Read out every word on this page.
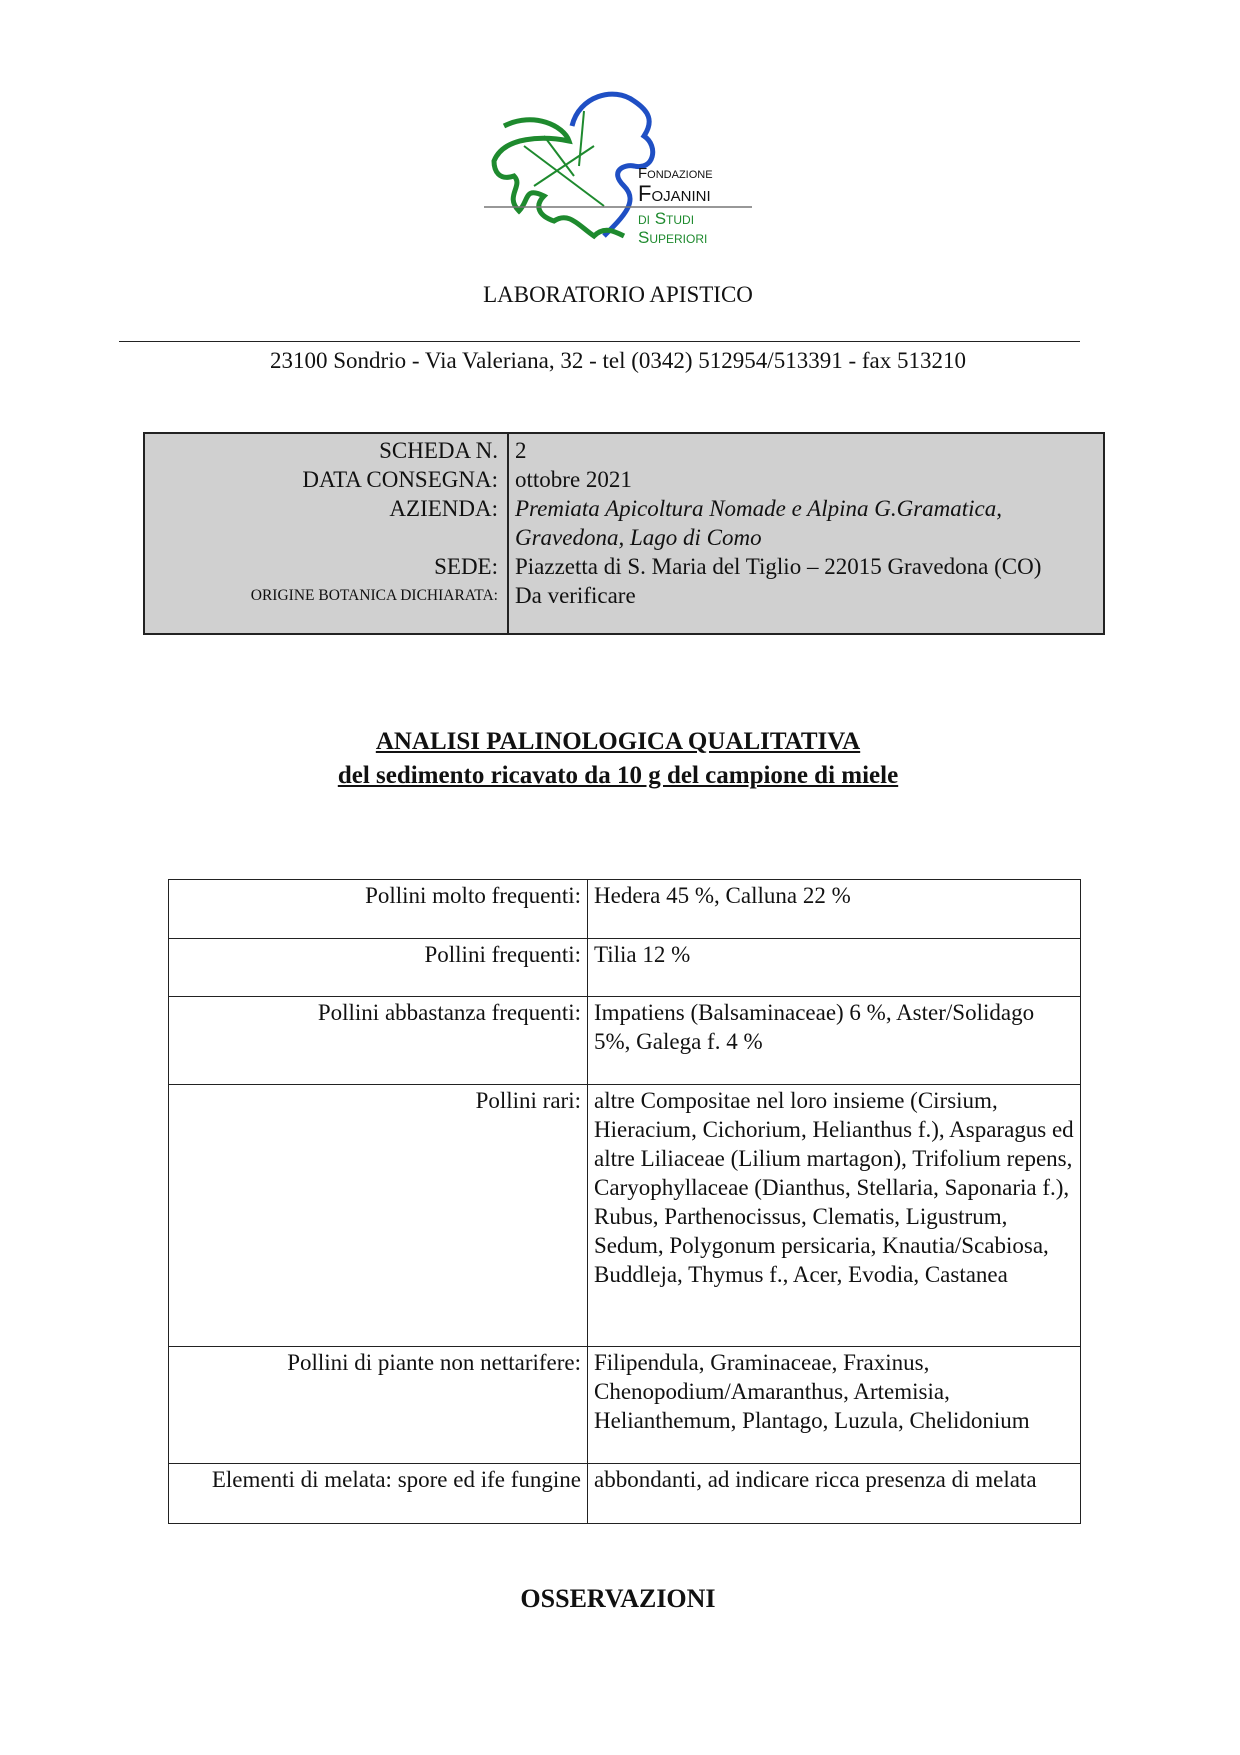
Fondazione
Fojanini
di Studi
Superiori
LABORATORIO APISTICO
23100 Sondrio - Via Valeriana, 32 - tel (0342) 512954/513391 - fax 513210
SCHEDA N. 2
DATA CONSEGNA: ottobre 2021
AZIENDA: Premiata Apicoltura Nomade e Alpina G.Gramatica,
Gravedona, Lago di Como
SEDE: Piazzetta di S. Maria del Tiglio – 22015 Gravedona (CO)
ORIGINE BOTANICA DICHIARATA: Da verificare
ANALISI PALINOLOGICA QUALITATIVA
del sedimento ricavato da 10 g del campione di miele
Pollini molto frequenti:	Hedera 45 %, Calluna 22 %
Pollini frequenti:	Tilia 12 %
Pollini abbastanza frequenti:	Impatiens (Balsaminaceae) 6 %, Aster/Solidago 5%, Galega f. 4 %
Pollini rari:	altre Compositae nel loro insieme (Cirsium, Hieracium, Cichorium, Helianthus f.), Asparagus ed altre Liliaceae (Lilium martagon), Trifolium repens, Caryophyllaceae (Dianthus, Stellaria, Saponaria f.), Rubus, Parthenocissus, Clematis, Ligustrum, Sedum, Polygonum persicaria, Knautia/Scabiosa, Buddleja, Thymus f., Acer, Evodia, Castanea
Pollini di piante non nettarifere:	Filipendula, Graminaceae, Fraxinus, Chenopodium/Amaranthus, Artemisia, Helianthemum, Plantago, Luzula, Chelidonium
Elementi di melata: spore ed ife fungine	abbondanti, ad indicare ricca presenza di melata
OSSERVAZIONI
